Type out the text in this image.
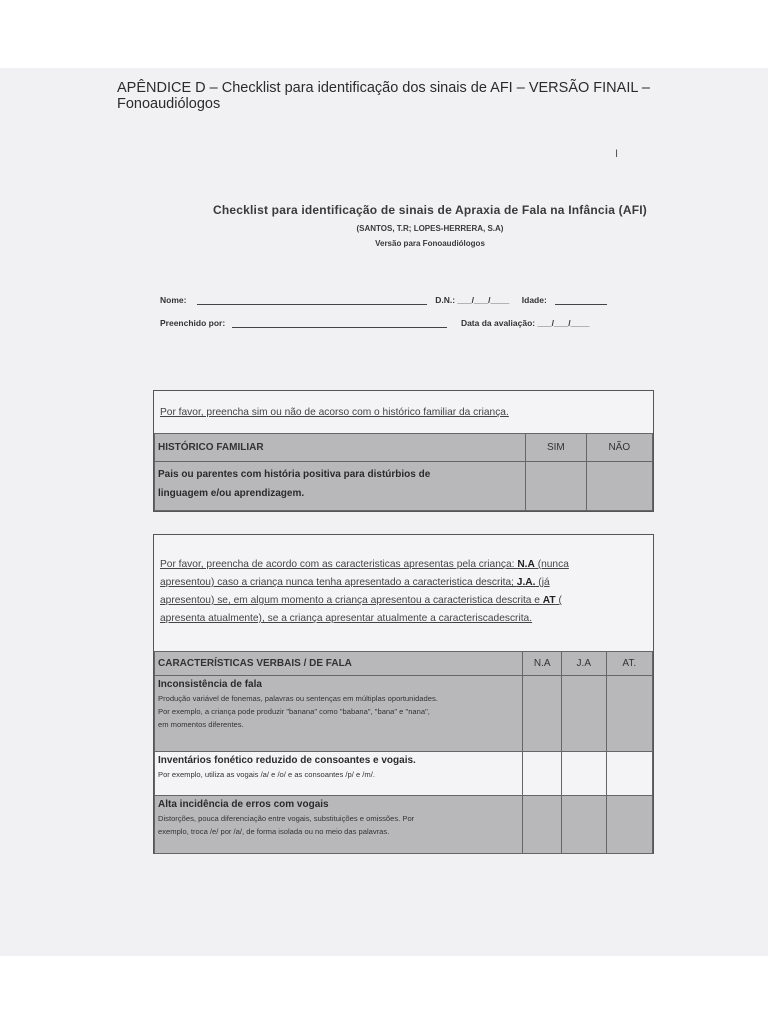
APÊNDICE D – Checklist para identificação dos sinais de AFI – VERSÃO FINAIL –
Fonoaudiólogos
I
Checklist para identificação de sinais de Apraxia de Fala na Infância (AFI)
(SANTOS, T.R; LOPES-HERRERA, S.A)
Versão para Fonoaudiólogos
Nome:	D.N.: ___/___/____ Idade:
Preenchido por:	Data da avaliação: ___/___/____
Por favor, preencha sim ou não de acorso com o histórico familiar da criança.
HISTÓRICO FAMILIAR	SIM	NÃO

Pais ou parentes com história positiva para distúrbios de
linguagem e/ou aprendizagem.		

Por favor, preencha de acordo com as caracteristicas apresentas pela criança: N.A (nunca
apresentou) caso a criança nunca tenha apresentado a caracteristica descrita; J.A. (já
apresentou) se, em algum momento a criança apresentou a caracteristica descrita e AT (
apresenta atualmente), se a criança apresentar atualmente a caracteriscadescrita.
CARACTERÍSTICAS VERBAIS / DE FALA	N.A	J.A	AT.

Inconsistência de fala
Produção variável de fonemas, palavras ou sentenças em múltiplas oportunidades.
Por exemplo, a criança pode produzir "banana" como "babana", "bana" e "nana",
em momentos diferentes.			

Inventários fonético reduzido de consoantes e vogais.
Por exemplo, utiliza as vogais /a/ e /o/ e as consoantes /p/ e /m/.			

Alta incidência de erros com vogais
Distorções, pouca diferenciação entre vogais, substituições e omissões. Por
exemplo, troca /e/ por /a/, de forma isolada ou no meio das palavras.			
